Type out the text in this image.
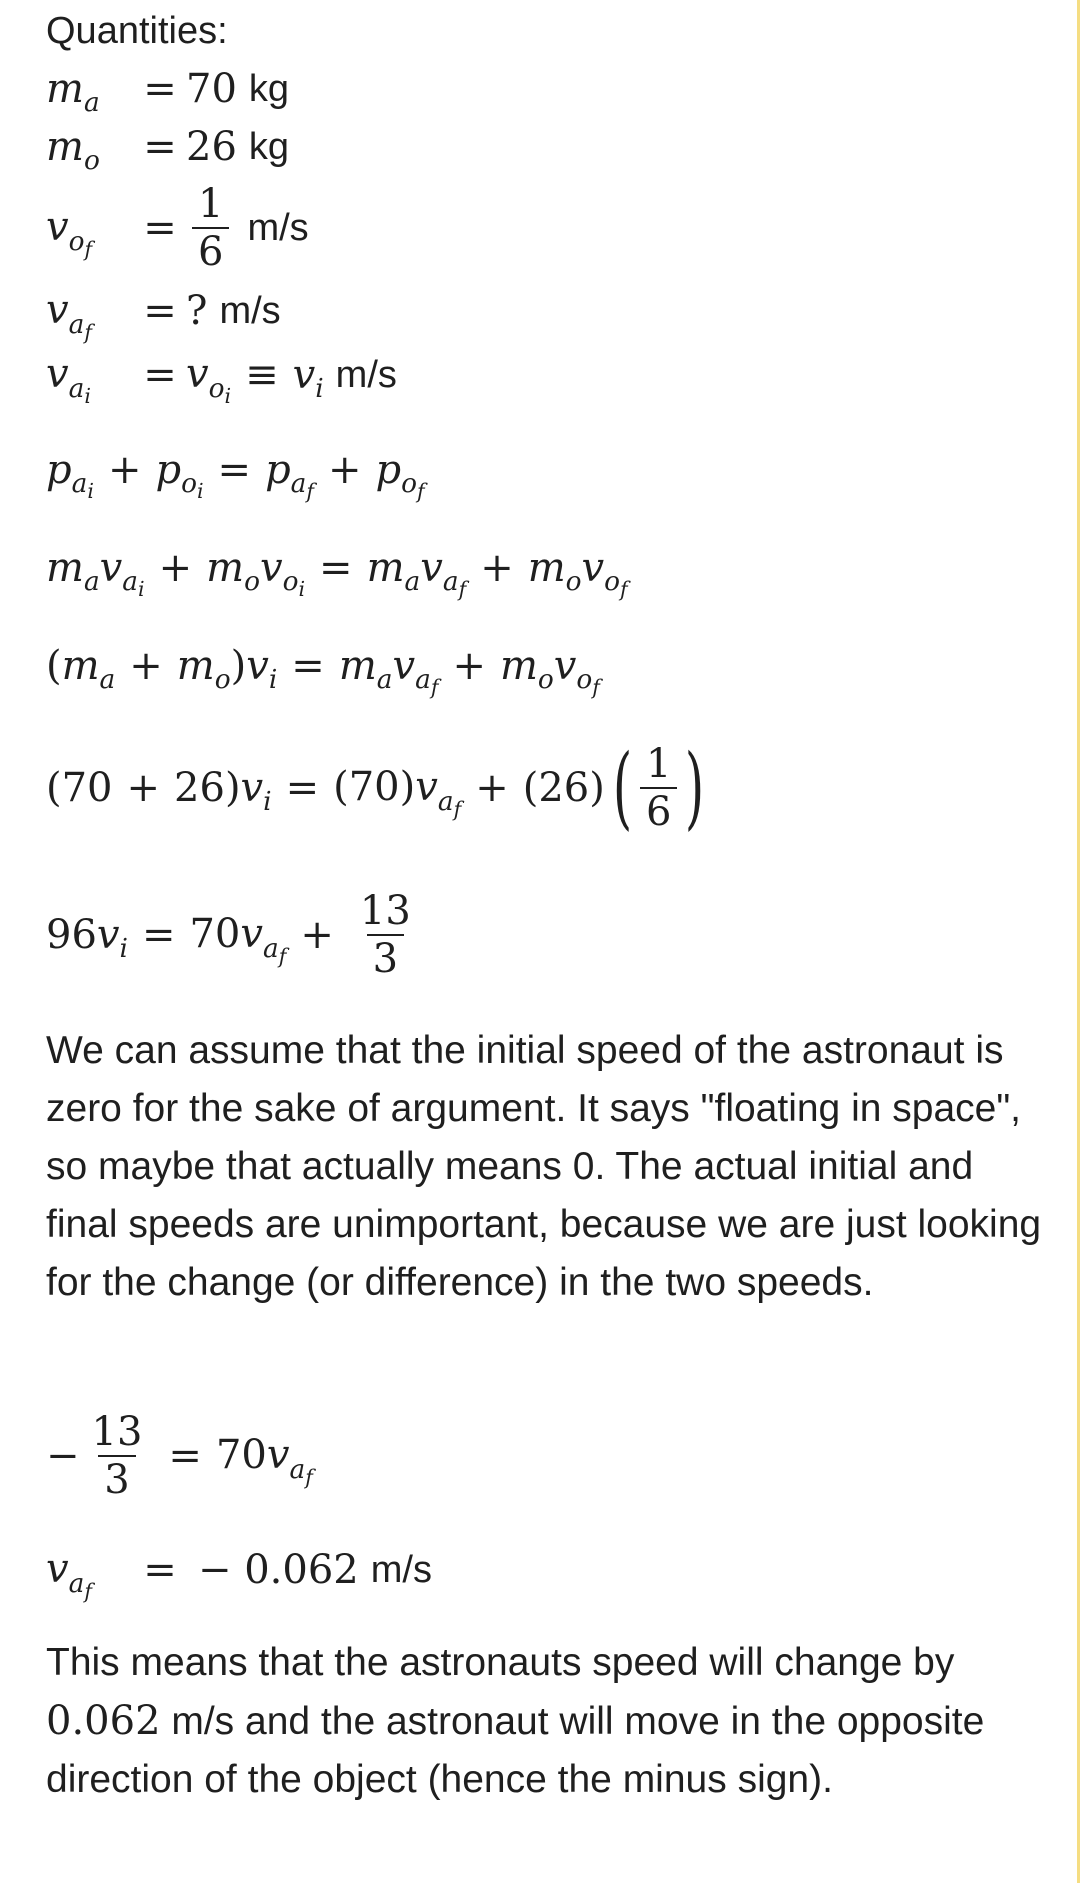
Quantities:
$m_a$	= 70 kg
$m_o$	= 26 kg
$v_{o_f}$	= $\frac{1}{6} m/s$
$v_{a_f}$	= ? m/s
$v_{a_i}$	= $v_{o_i} \equiv v_i$ m/s
$p_{a_i} + p_{o_i} = p_{a_f} + p_{o_f}$
$m_av_{a_i} + m_ov_{o_i} = m_av_{a_f} + m_ov_{o_f}$
$(m_a + m_o)v_i = m_av_{a_f} + m_ov_{o_f}$
$(70 + 26)v_i = (70)v_{a_f} + (26)$ ( $\frac{1}{6}$ )
$96v_i = 70v_{a_f} + \frac{13}{3}$
We can assume that the initial speed of the astronaut is zero for the sake of argument. It says "floating in space", so maybe that actually means 0. The actual initial and final speeds are unimportant, because we are just looking for the change (or difference) in the two speeds.
− $\frac{13}{3} = 70v_{a_f}$
$v_{a_f}$	= − 0.062 m/s
This means that the astronauts speed will change by 0.062 m/s and the astronaut will move in the opposite direction of the object (hence the minus sign).
